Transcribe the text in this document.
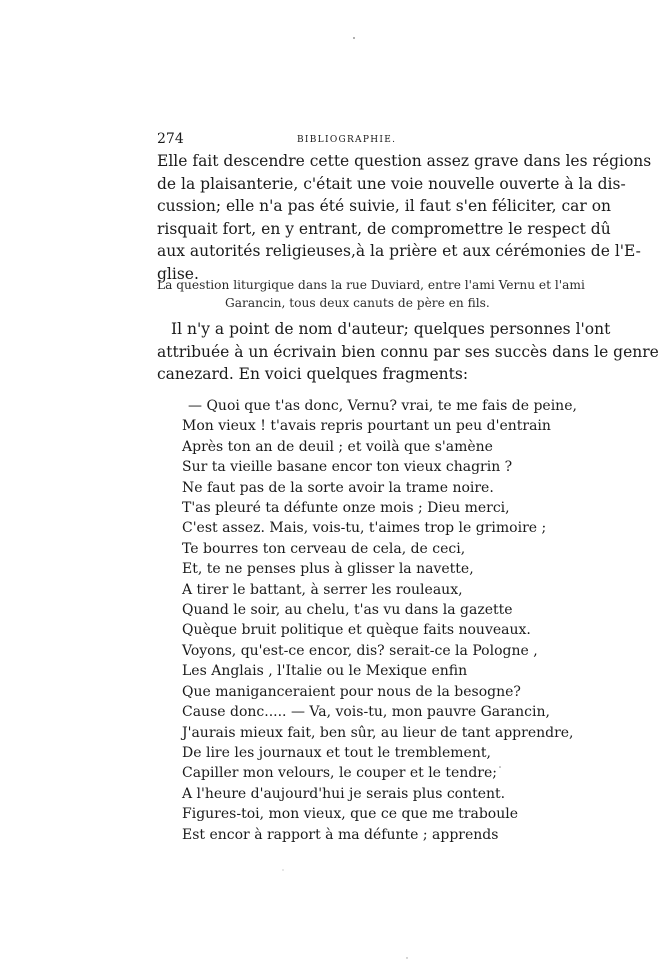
274	BIBLIOGRAPHIE.
Elle fait descendre cette question assez grave dans les régions
de la plaisanterie, c'était une voie nouvelle ouverte à la dis-
cussion; elle n'a pas été suivie, il faut s'en féliciter, car on
risquait fort, en y entrant, de compromettre le respect dû
aux autorités religieuses,à la prière et aux cérémonies de l'E-
glise.
La question liturgique dans la rue Duviard, entre l'ami Vernu et l'ami
Garancin, tous deux canuts de père en fils.
Il n'y a point de nom d'auteur; quelques personnes l'ont
attribuée à un écrivain bien connu par ses succès dans le genre
canezard. En voici quelques fragments:
— Quoi que t'as donc, Vernu? vrai, te me fais de peine,
Mon vieux ! t'avais repris pourtant un peu d'entrain
Après ton an de deuil ; et voilà que s'amène
Sur ta vieille basane encor ton vieux chagrin ?
Ne faut pas de la sorte avoir la trame noire.
T'as pleuré ta défunte onze mois ; Dieu merci,
C'est assez. Mais, vois-tu, t'aimes trop le grimoire ;
Te bourres ton cerveau de cela, de ceci,
Et, te ne penses plus à glisser la navette,
A tirer le battant, à serrer les rouleaux,
Quand le soir, au chelu, t'as vu dans la gazette
Quèque bruit politique et quèque faits nouveaux.
Voyons, qu'est-ce encor, dis? serait-ce la Pologne ,
Les Anglais , l'Italie ou le Mexique enfin
Que maniganceraient pour nous de la besogne?
Cause donc..... — Va, vois-tu, mon pauvre Garancin,
J'aurais mieux fait, ben sûr, au lieur de tant apprendre,
De lire les journaux et tout le tremblement,
Capiller mon velours, le couper et le tendre;
A l'heure d'aujourd'hui je serais plus content.
Figures-toi, mon vieux, que ce que me traboule
Est encor à rapport à ma défunte ; apprends
